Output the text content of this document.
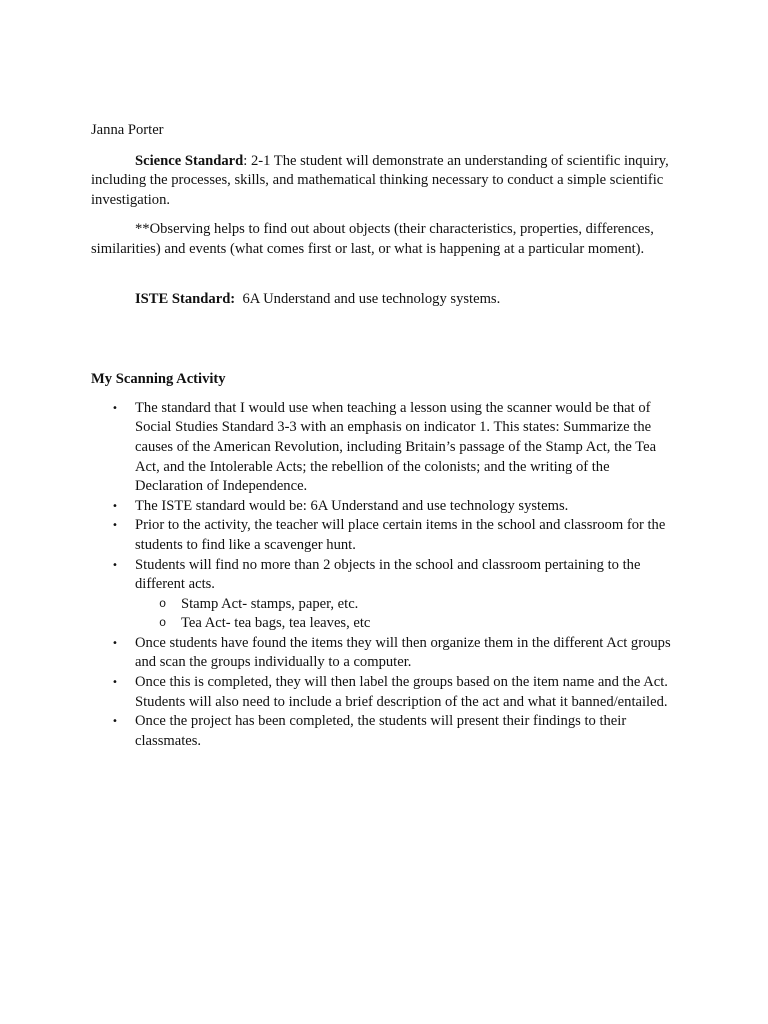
Janna Porter

Science Standard: 2-1 The student will demonstrate an understanding of scientific inquiry, including the processes, skills, and mathematical thinking necessary to conduct a simple scientific investigation.

**Observing helps to find out about objects (their characteristics, properties, differences, similarities) and events (what comes first or last, or what is happening at a particular moment).

ISTE Standard:  6A Understand and use technology systems.

My Scanning Activity

• The standard that I would use when teaching a lesson using the scanner would be that of Social Studies Standard 3-3 with an emphasis on indicator 1. This states: Summarize the causes of the American Revolution, including Britain’s passage of the Stamp Act, the Tea Act, and the Intolerable Acts; the rebellion of the colonists; and the writing of the Declaration of Independence.
• The ISTE standard would be: 6A Understand and use technology systems.
• Prior to the activity, the teacher will place certain items in the school and classroom for the students to find like a scavenger hunt.
• Students will find no more than 2 objects in the school and classroom pertaining to the different acts.
o Stamp Act- stamps, paper, etc.
o Tea Act- tea bags, tea leaves, etc
• Once students have found the items they will then organize them in the different Act groups and scan the groups individually to a computer.
• Once this is completed, they will then label the groups based on the item name and the Act. Students will also need to include a brief description of the act and what it banned/entailed.
• Once the project has been completed, the students will present their findings to their classmates.
